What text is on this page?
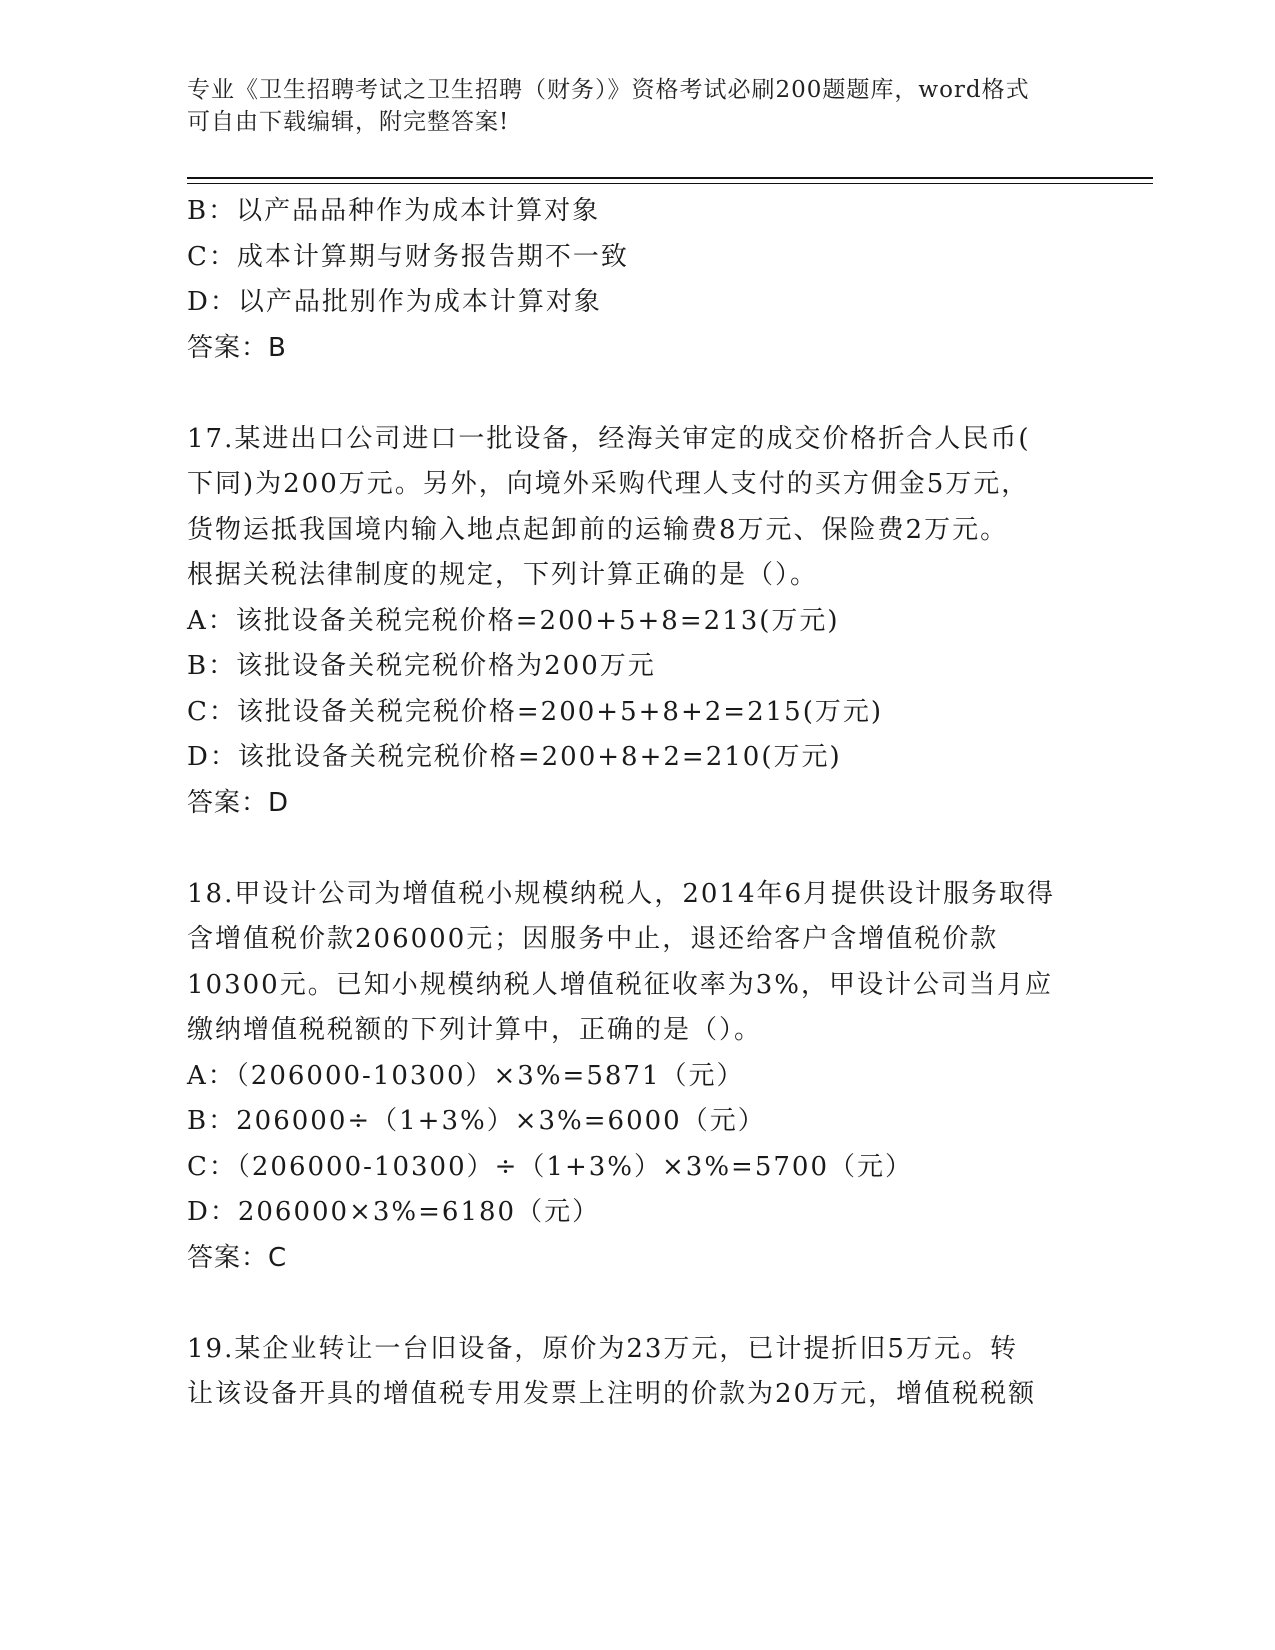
专业《卫生招聘考试之卫生招聘（财务）》资格考试必刷200题题库，word格式
可自由下载编辑，附完整答案!
B：以产品品种作为成本计算对象
C：成本计算期与财务报告期不一致
D：以产品批别作为成本计算对象
答案：B
17.某进出口公司进口一批设备，经海关审定的成交价格折合人民币(
下同)为200万元。另外，向境外采购代理人支付的买方佣金5万元，
货物运抵我国境内输入地点起卸前的运输费8万元、保险费2万元。
根据关税法律制度的规定，下列计算正确的是（）。
A：该批设备关税完税价格=200+5+8=213(万元)
B：该批设备关税完税价格为200万元
C：该批设备关税完税价格=200+5+8+2=215(万元)
D：该批设备关税完税价格=200+8+2=210(万元)
答案：D
18.甲设计公司为增值税小规模纳税人，2014年6月提供设计服务取得
含增值税价款206000元；因服务中止，退还给客户含增值税价款
10300元。已知小规模纳税人增值税征收率为3%，甲设计公司当月应
缴纳增值税税额的下列计算中，正确的是（）。
A：（206000-10300）×3%=5871（元）
B：206000÷（1+3%）×3%=6000（元）
C：（206000-10300）÷（1+3%）×3%=5700（元）
D：206000×3%=6180（元）
答案：C
19.某企业转让一台旧设备，原价为23万元，已计提折旧5万元。转
让该设备开具的增值税专用发票上注明的价款为20万元，增值税税额
